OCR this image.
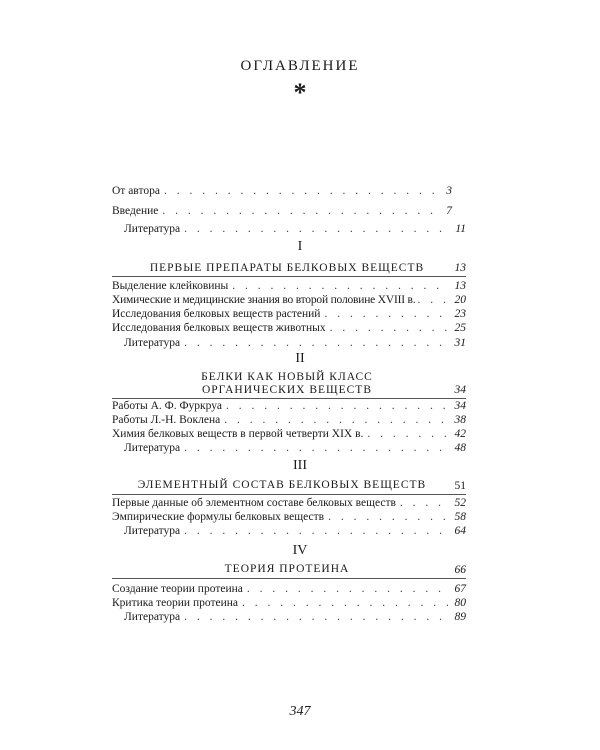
ОГЛАВЛЕНИЕ
*
От автора . . .	3
Введение . . .	7
Литература . . .	11
I
ПЕРВЫЕ ПРЕПАРАТЫ БЕЛКОВЫХ ВЕЩЕСТВ	13
Выделение клейковины . . .	13
Химические и медицинские знания во второй половине XVIII в. . . .	20
Исследования белковых веществ растений . . .	23
Исследования белковых веществ животных . . .	25
Литература . . .	31
II
БЕЛКИ КАК НОВЫЙ КЛАСС
ОРГАНИЧЕСКИХ ВЕЩЕСТВ	34
Работы А. Ф. Фуркруа . . .	34
Работы Л.-Н. Воклена . . .	38
Химия белковых веществ в первой четверти XIX в. . . .	42
Литература . . .	48
III
ЭЛЕМЕНТНЫЙ СОСТАВ БЕЛКОВЫХ ВЕЩЕСТВ	51
Первые данные об элементном составе белковых веществ . . .	52
Эмпирические формулы белковых веществ . . .	58
Литература . . .	64
IV
ТЕОРИЯ ПРОТЕИНА	66
Создание теории протеина . . .	67
Критика теории протеина . . .	80
Литература . . .	89
347
